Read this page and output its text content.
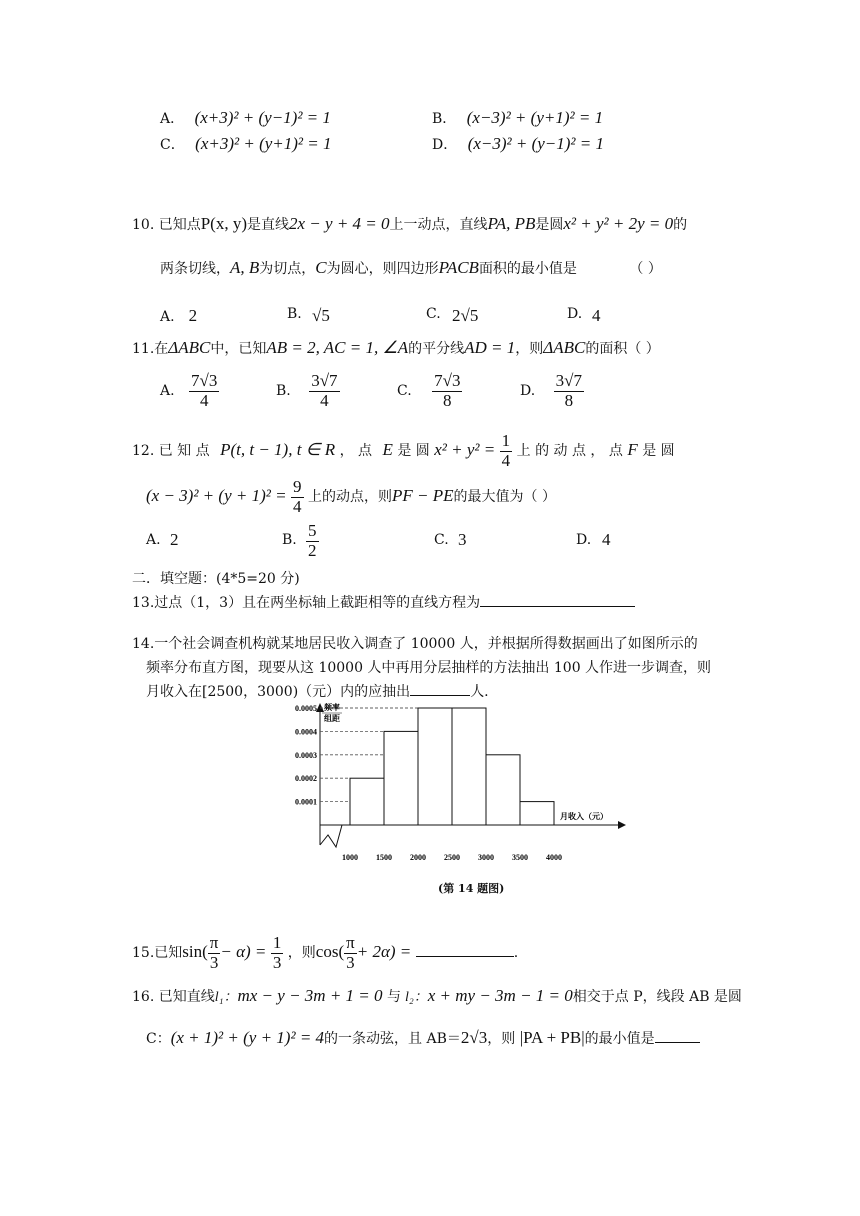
A． (x+3)² + (y−1)² = 1	B． (x−3)² + (y+1)² = 1
C． (x+3)² + (y+1)² = 1	D． (x−3)² + (y−1)² = 1
10. 已知点P(x, y)是直线2x − y + 4 = 0上一动点，直线PA, PB是圆x² + y² + 2y = 0的
两条切线，A, B为切点，C为圆心，则四边形PACB面积的最小值是	（ ）
A. 2	B. √5	C. 2√5	D. 4
11.在ΔABC中，已知AB = 2, AC = 1, ∠A的平分线AD = 1，则ΔABC的面积（ ）
A. $\frac{7√3}{4}$	B. $\frac{3√7}{4}$	C. $\frac{7√3}{8}$	D. $\frac{3√7}{8}$
12. 已 知 点 P(t, t − 1), t ∈ R ， 点 E 是 圆 $x^2 + y^2 = \frac{1}{4}$ 上 的 动 点 ， 点 F 是 圆
$(x - 3)^2 + (y + 1)^2 = \frac{9}{4}$ 上的动点，则PF − PE的最大值为（ ）
A. 2	B. $\frac{5}{2}$	C. 3	D. 4
二．填空题：(4*5=20 分)
13.过点（1，3）且在两坐标轴上截距相等的直线方程为
14.一个社会调查机构就某地居民收入调查了 10000 人，并根据所得数据画出了如图所示的
频率分布直方图，现要从这 10000 人中再用分层抽样的方法抽出 100 人作进一步调查，则
月收入在[2500，3000)（元）内的应抽出	人.
0.0001
0.0002
0.0003
0.0004
0.0005
1000 1500 2000 2500 3000 3500 4000
频率
组距
月收入（元）
(第 14 题图)
15.已知$\sin( \frac{\pi}{3} - \alpha) = \frac{1}{3}$ ，则$\cos( \frac{\pi}{3} + 2\alpha)$ =	.
16. 已知直线l₁：mx − y − 3m + 1 = 0 与 l₂：x + my − 3m − 1 = 0相交于点 P，线段 AB 是圆
C：(x + 1)² + (y + 1)² = 4的一条动弦，且 AB＝2√3，则 |PA + PB|的最小值是
